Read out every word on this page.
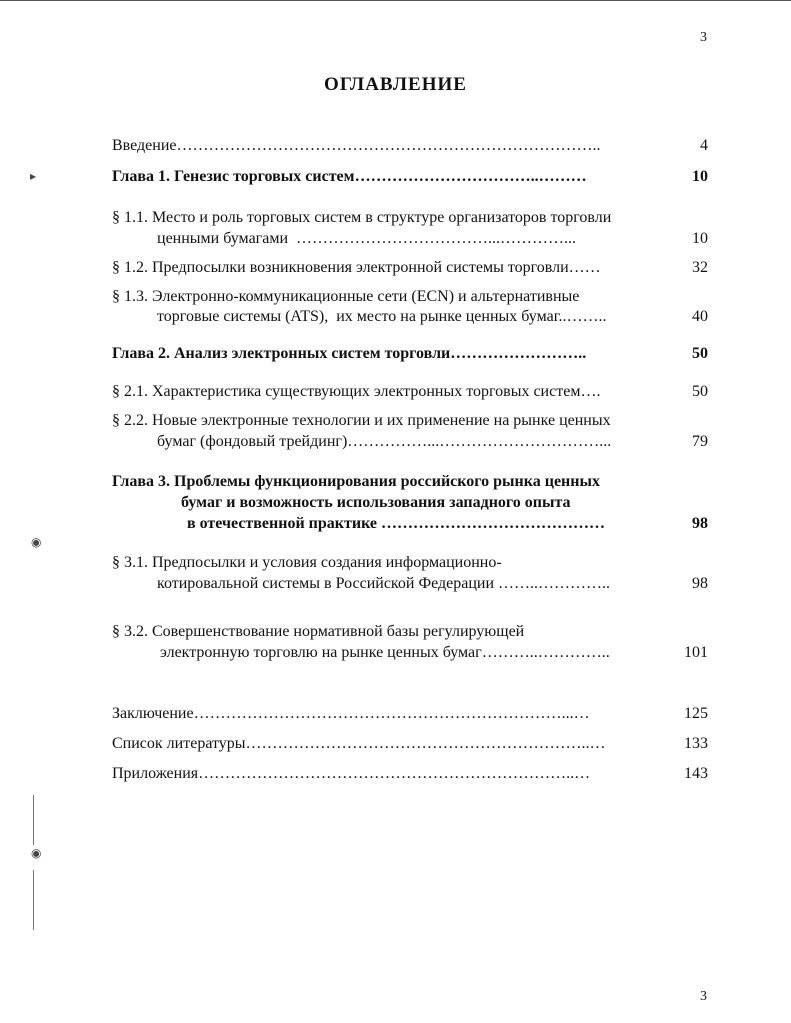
3
ОГЛАВЛЕНИЕ
Введение……………………………………………………………………..	4
Глава 1. Генезис торговых систем……………………………..………	10
§ 1.1. Место и роль торговых систем в структуре организаторов торговли
ценными бумагами ………………………………...…………...	10
§ 1.2. Предпосылки возникновения электронной системы торговли……	32
§ 1.3. Электронно-коммуникационные сети (ECN) и альтернативные
торговые системы (ATS),  их место на рынке ценных бумаг..……..	40
Глава 2. Анализ электронных систем торговли……………………..	50
§ 2.1. Характеристика существующих электронных торговых систем….	50
§ 2.2. Новые электронные технологии и их применение на рынке ценных
бумаг (фондовый трейдинг)……………...…………………………...	79
Глава 3. Проблемы функционирования российского рынка ценных
бумаг и возможность использования западного опыта
в отечественной практике ……………………………………	98
§ 3.1. Предпосылки и условия создания информационно-
котировальной системы в Российской Федерации ……..…………..	98
§ 3.2. Совершенствование нормативной базы регулирующей
электронную торговлю на рынке ценных бумаг………..…………..	101
Заключение……………………………………………………………...…	125
Список литературы………………………………………………………..…	133
Приложения……………………………………………………………..…	143
▸
◉
◉
3
